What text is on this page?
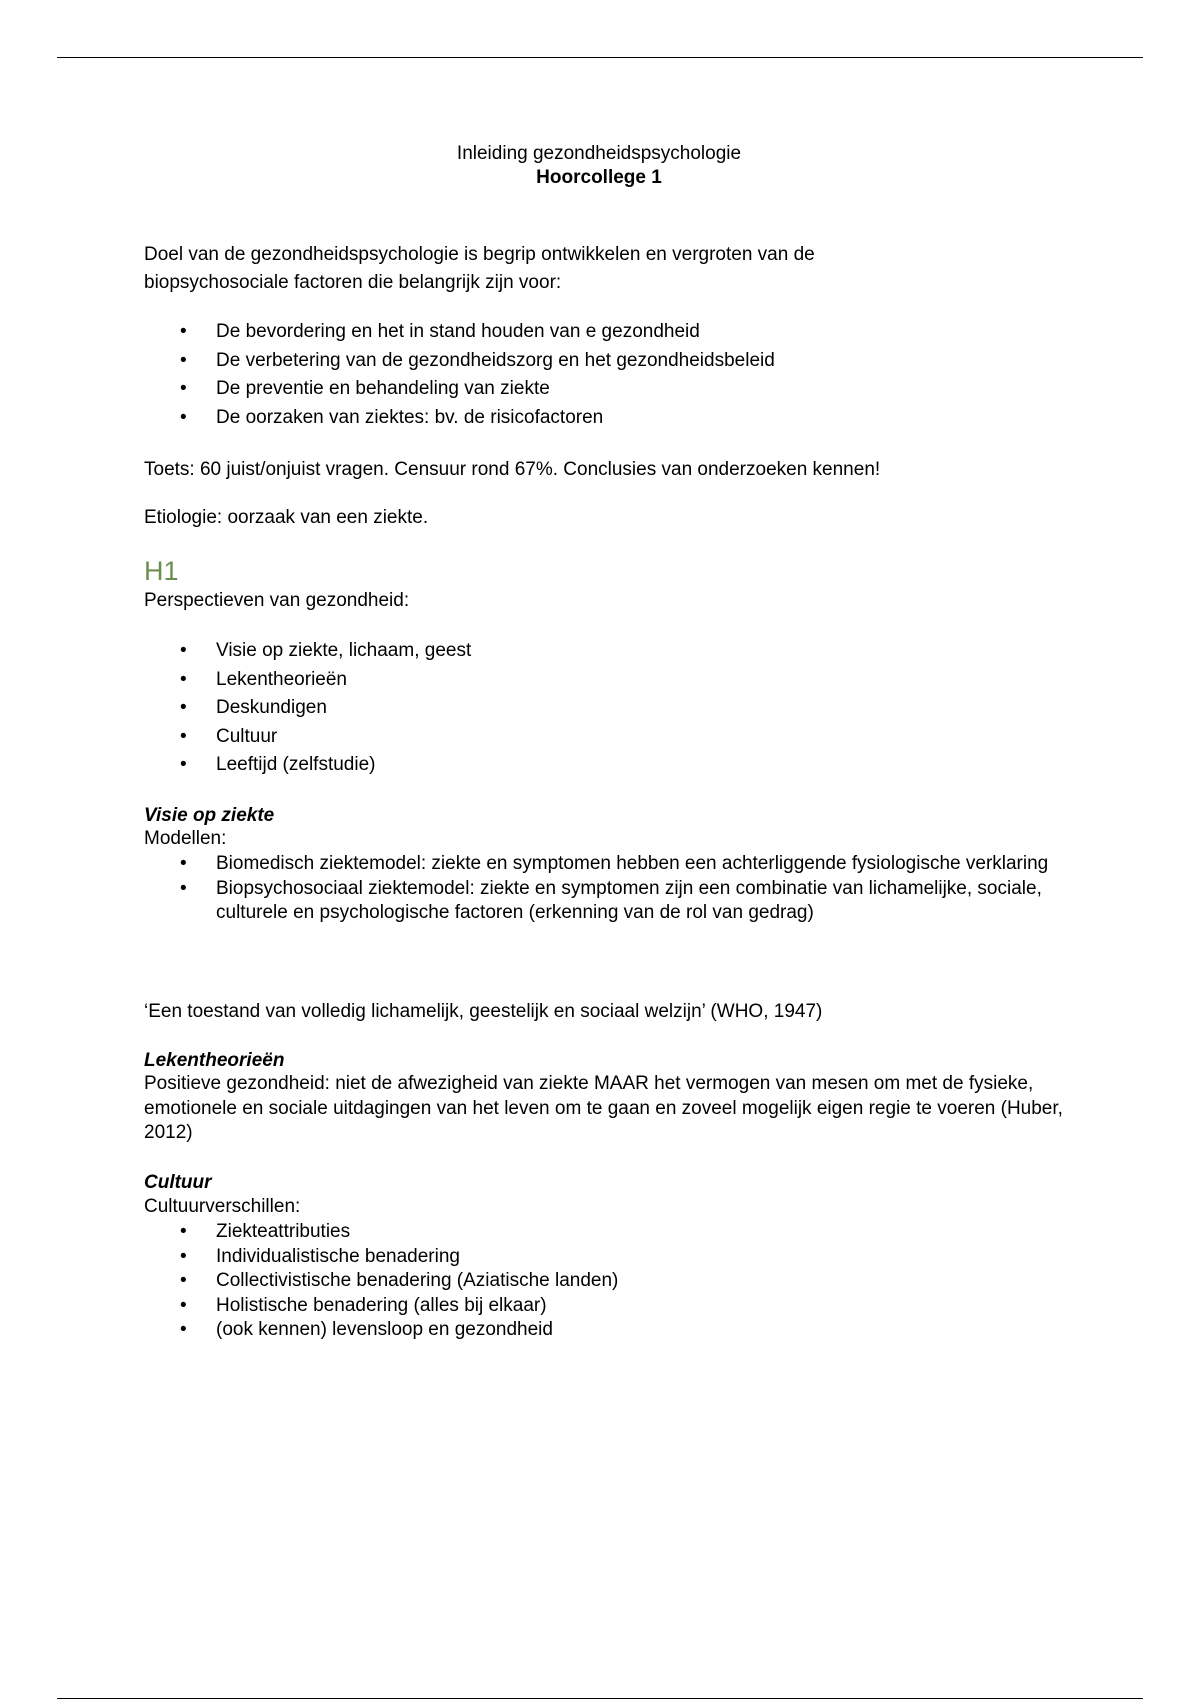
Inleiding gezondheidspsychologie
Hoorcollege 1
Doel van de gezondheidspsychologie is begrip ontwikkelen en vergroten van de biopsychosociale factoren die belangrijk zijn voor:
• De bevordering en het in stand houden van e gezondheid
• De verbetering van de gezondheidszorg en het gezondheidsbeleid
• De preventie en behandeling van ziekte
• De oorzaken van ziektes: bv. de risicofactoren
Toets: 60 juist/onjuist vragen. Censuur rond 67%. Conclusies van onderzoeken kennen!
Etiologie: oorzaak van een ziekte.
H1
Perspectieven van gezondheid:
• Visie op ziekte, lichaam, geest
• Lekentheorieën
• Deskundigen
• Cultuur
• Leeftijd (zelfstudie)
Visie op ziekte
Modellen:
• Biomedisch ziektemodel: ziekte en symptomen hebben een achterliggende fysiologische verklaring
• Biopsychosociaal ziektemodel: ziekte en symptomen zijn een combinatie van lichamelijke, sociale, culturele en psychologische factoren (erkenning van de rol van gedrag)
‘Een toestand van volledig lichamelijk, geestelijk en sociaal welzijn’ (WHO, 1947)
Lekentheorieën
Positieve gezondheid: niet de afwezigheid van ziekte MAAR het vermogen van mesen om met de fysieke, emotionele en sociale uitdagingen van het leven om te gaan en zoveel mogelijk eigen regie te voeren (Huber, 2012)
Cultuur
Cultuurverschillen:
• Ziekteattributies
• Individualistische benadering
• Collectivistische benadering (Aziatische landen)
• Holistische benadering (alles bij elkaar)
• (ook kennen) levensloop en gezondheid
